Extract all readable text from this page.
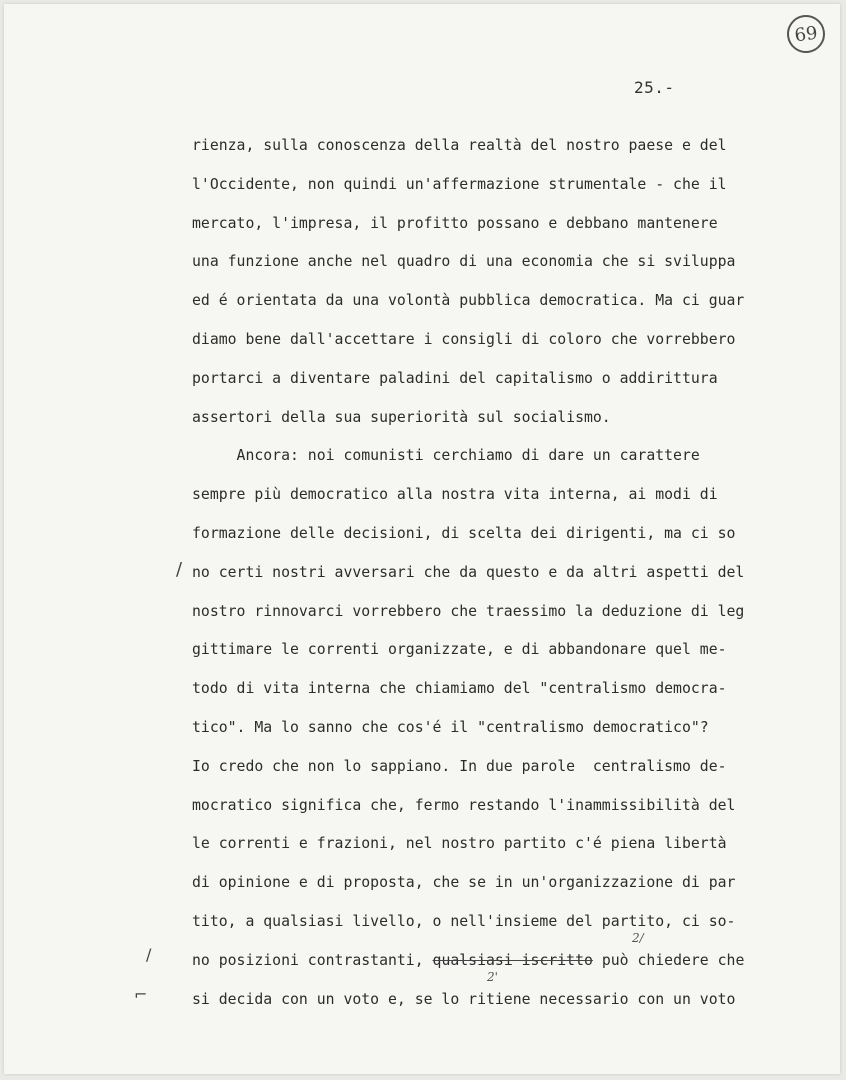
69
25.-
rienza, sulla conoscenza della realtà del nostro paese e del
l'Occidente, non quindi un'affermazione strumentale - che il
mercato, l'impresa, il profitto possano e debbano mantenere
una funzione anche nel quadro di una economia che si sviluppa
ed é orientata da una volontà pubblica democratica. Ma ci guar
diamo bene dall'accettare i consigli di coloro che vorrebbero
portarci a diventare paladini del capitalismo o addirittura
assertori della sua superiorità sul socialismo.
Ancora: noi comunisti cerchiamo di dare un carattere
sempre più democratico alla nostra vita interna, ai modi di
formazione delle decisioni, di scelta dei dirigenti, ma ci so
no certi nostri avversari che da questo e da altri aspetti del
nostro rinnovarci vorrebbero che traessimo la deduzione di leg
gittimare le correnti organizzate, e di abbandonare quel me-
todo di vita interna che chiamiamo del "centralismo democra-
tico". Ma lo sanno che cos'é il "centralismo democratico"?
Io credo che non lo sappiano. In due parole  centralismo de-
mocratico significa che, fermo restando l'inammissibilità del
le correnti e frazioni, nel nostro partito c'é piena libertà
di opinione e di proposta, che se in un'organizzazione di par
tito, a qualsiasi livello, o nell'insieme del partito, ci so-
no posizioni contrastanti, qualsiasi iscritto può chiedere che
si decida con un voto e, se lo ritiene necessario con un voto
/
/
⌐
2/
2'
